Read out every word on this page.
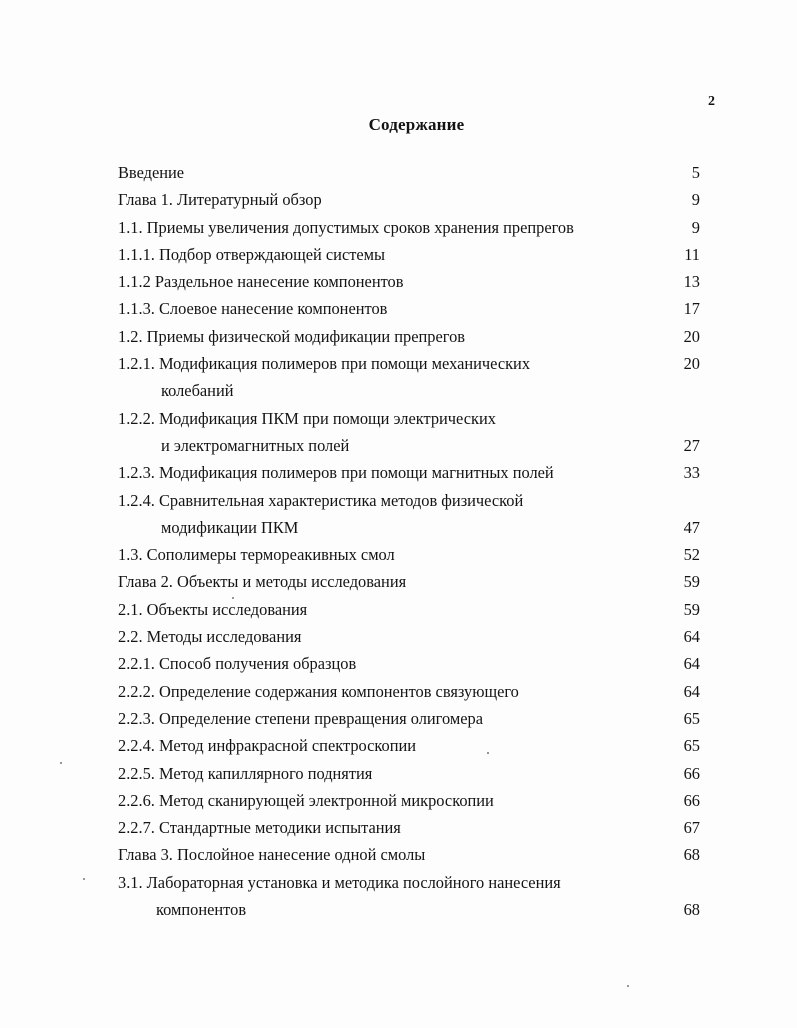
2
Содержание
Введение	5
Глава 1. Литературный обзор	9
1.1. Приемы увеличения допустимых сроков хранения препрегов	9
1.1.1. Подбор отверждающей системы	11
1.1.2 Раздельное нанесение компонентов	13
1.1.3. Слоевое нанесение компонентов	17
1.2. Приемы физической модификации препрегов	20
1.2.1. Модификация полимеров при помощи механических	20
колебаний
1.2.2. Модификация ПКМ при помощи электрических
и электромагнитных полей	27
1.2.3. Модификация полимеров при помощи магнитных полей	33
1.2.4. Сравнительная характеристика методов физической
модификации ПКМ	47
1.3. Сополимеры термореакивных смол	52
Глава 2. Объекты и методы исследования	59
2.1. Объекты исследования	59
2.2. Методы исследования	64
2.2.1. Способ получения образцов	64
2.2.2. Определение содержания компонентов связующего	64
2.2.3. Определение степени превращения олигомера	65
2.2.4. Метод инфракрасной спектроскопии	65
2.2.5. Метод капиллярного поднятия	66
2.2.6. Метод сканирующей электронной микроскопии	66
2.2.7. Стандартные методики испытания	67
Глава 3. Послойное нанесение одной смолы	68
3.1. Лабораторная установка и методика послойного нанесения
компонентов	68
